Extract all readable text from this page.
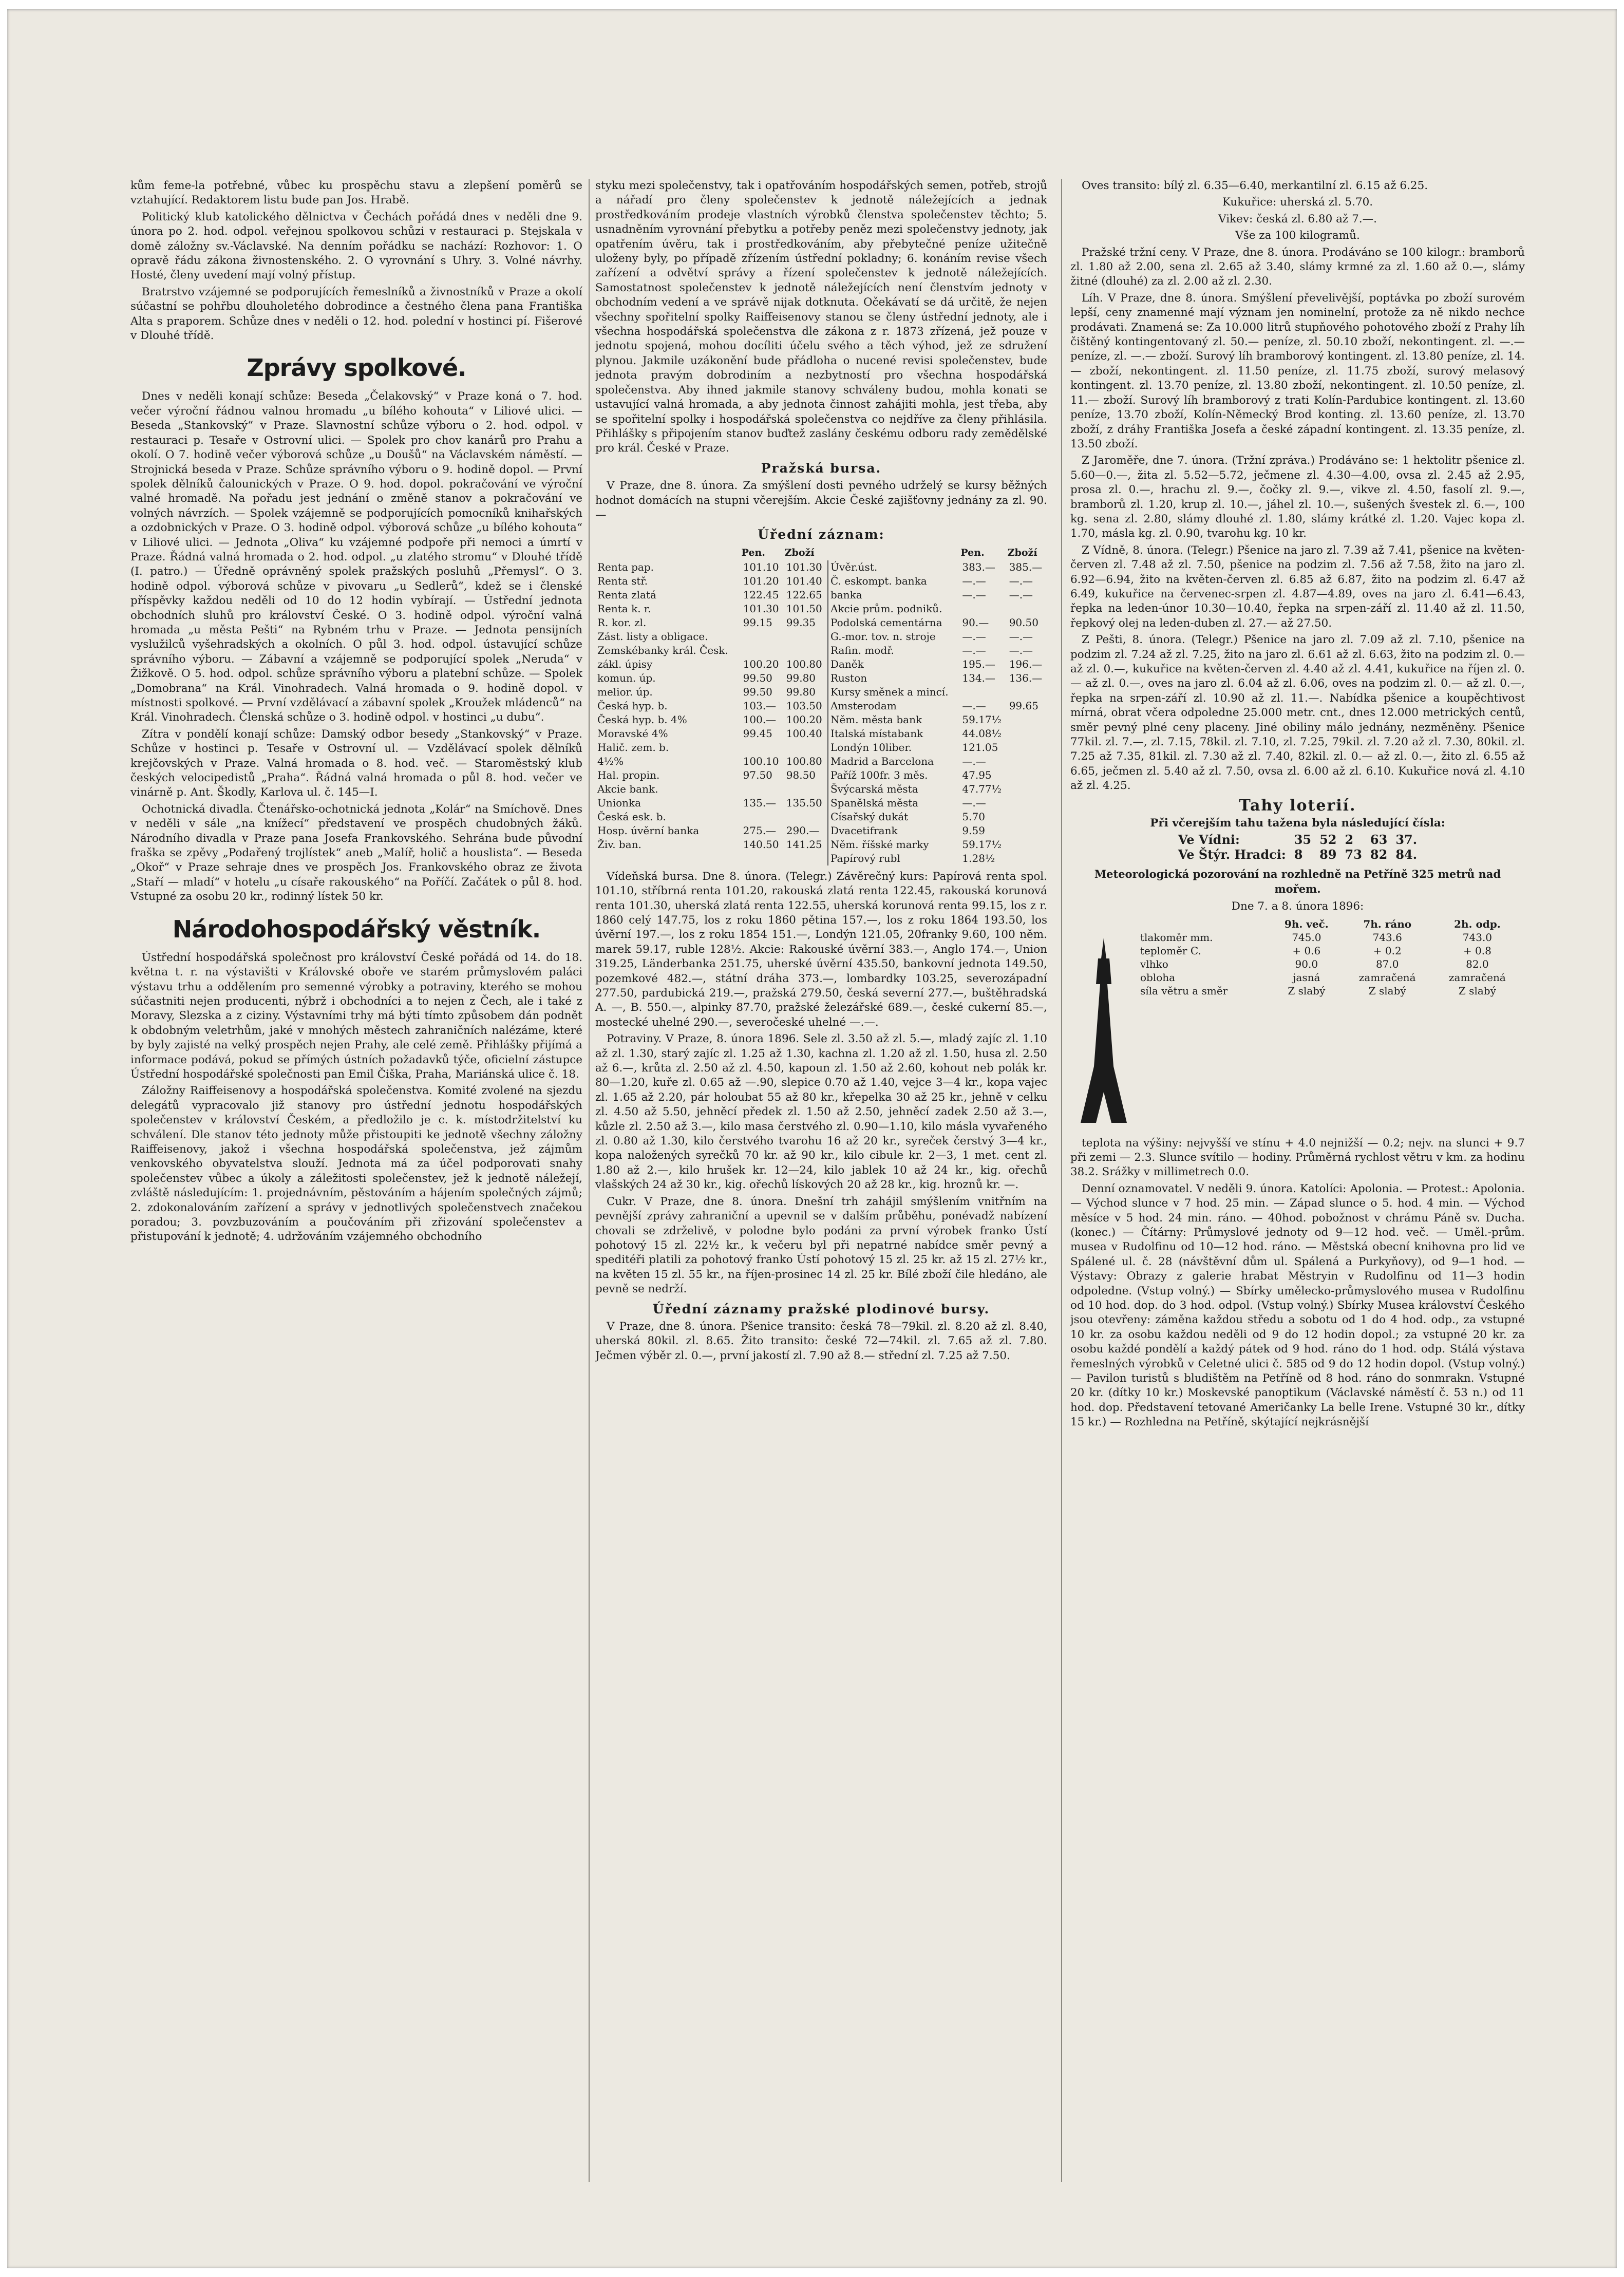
kům feme-la potřebné, vůbec ku prospěchu stavu a zlepšení poměrů se vztahující. Redaktorem listu bude pan Jos. Hrabě.

Politický klub katolického dělnictva v Čechách pořádá dnes v neděli dne 9. února po 2. hod. odpol. veřejnou spolkovou schůzi v restauraci p. Stejskala v domě záložny sv.-Václavské. Na denním pořádku se nachází: Rozhovor: 1. O opravě řádu zákona živnostenského. 2. O vyrovnání s Uhry. 3. Volné návrhy. Hosté, členy uvedení mají volný přístup.

Bratrstvo vzájemné se podporujících řemeslníků a živnostníků v Praze a okolí súčastní se pohřbu dlouholetého dobrodince a čestného člena pana Františka Alta s praporem. Schůze dnes v neděli o 12. hod. polední v hostinci pí. Fišerové v Dlouhé třídě.

Zprávy spolkové.

Dnes v neděli konají schůze: Beseda „Čelakovský“ v Praze koná o 7. hod. večer výroční řádnou valnou hromadu „u bílého kohouta“ v Liliové ulici. — Beseda „Stankovský“ v Praze. Slavnostní schůze výboru o 2. hod. odpol. v restauraci p. Tesaře v Ostrovní ulici. — Spolek pro chov kanárů pro Prahu a okolí. O 7. hodině večer výborová schůze „u Doušů“ na Václavském náměstí. — Strojnická beseda v Praze. Schůze správního výboru o 9. hodině dopol. — První spolek dělníků čalounických v Praze. O 9. hod. dopol. pokračování ve výroční valné hromadě. Na pořadu jest jednání o změně stanov a pokračování ve volných návrzích. — Spolek vzájemně se podporujících pomocníků knihařských a ozdobnických v Praze. O 3. hodině odpol. výborová schůze „u bílého kohouta“ v Liliové ulici. — Jednota „Oliva“ ku vzájemné podpoře při nemoci a úmrtí v Praze. Řádná valná hromada o 2. hod. odpol. „u zlatého stromu“ v Dlouhé třídě (I. patro.) — Úředně oprávněný spolek pražských posluhů „Přemysl“. O 3. hodině odpol. výborová schůze v pivovaru „u Sedlerů“, kdež se i členské příspěvky každou neděli od 10 do 12 hodin vybírají. — Ústřední jednota obchodních sluhů pro království České. O 3. hodině odpol. výroční valná hromada „u města Pešti“ na Rybném trhu v Praze. — Jednota pensijních vyslužilců vyšehradských a okolních. O půl 3. hod. odpol. ústavující schůze správního výboru. — Zábavní a vzájemně se podporující spolek „Neruda“ v Žižkově. O 5. hod. odpol. schůze správního výboru a platební schůze. — Spolek „Domobrana“ na Král. Vinohradech. Valná hromada o 9. hodině dopol. v místnosti spolkové. — První vzdělávací a zábavní spolek „Kroužek mládenců“ na Král. Vinohradech. Členská schůze o 3. hodině odpol. v hostinci „u dubu“.

Zítra v pondělí konají schůze: Damský odbor besedy „Stankovský“ v Praze. Schůze v hostinci p. Tesaře v Ostrovní ul. — Vzdělávací spolek dělníků krejčovských v Praze. Valná hromada o 8. hod. več. — Staroměstský klub českých velocipedistů „Praha“. Řádná valná hromada o půl 8. hod. večer ve vinárně p. Ant. Škodly, Karlova ul. č. 145—I.

Ochotnická divadla. Čtenářsko-ochotnická jednota „Kolár“ na Smíchově. Dnes v neděli v sále „na knížecí“ představení ve prospěch chudobných žáků. Národního divadla v Praze pana Josefa Frankovského. Sehrána bude původní fraška se zpěvy „Podařený trojlístek“ aneb „Malíř, holič a houslista“. — Beseda „Okoř“ v Praze sehraje dnes ve prospěch Jos. Frankovského obraz ze života „Staří — mladí“ v hotelu „u císaře rakouského“ na Poříčí. Začátek o půl 8. hod. Vstupné za osobu 20 kr., rodinný lístek 50 kr.

Národohospodářský věstník.

Ústřední hospodářská společnost pro království České pořádá od 14. do 18. května t. r. na výstavišti v Královské oboře ve starém průmyslovém paláci výstavu trhu a oddělením pro semenné výrobky a potraviny, kterého se mohou súčastniti nejen producenti, nýbrž i obchodníci a to nejen z Čech, ale i také z Moravy, Slezska a z ciziny. Výstavními trhy má býti tímto způsobem dán podnět k obdobným veletrhům, jaké v mnohých městech zahraničních nalézáme, které by byly zajisté na velký prospěch nejen Prahy, ale celé země. Přihlášky přijímá a informace podává, pokud se přímých ústních požadavků týče, oficielní zástupce Ústřední hospodářské společnosti pan Emil Čiška, Praha, Mariánská ulice č. 18.

Záložny Raiffeisenovy a hospodářská společenstva. Komité zvolené na sjezdu delegátů vypracovalo již stanovy pro ústřední jednotu hospodářských společenstev v království Českém, a předložilo je c. k. místodržitelství ku schválení. Dle stanov této jednoty může přistoupiti ke jednotě všechny záložny Raiffeisenovy, jakož i všechna hospodářská společenstva, jež zájmům venkovského obyvatelstva slouží. Jednota má za účel podporovati snahy společenstev vůbec a úkoly a záležitosti společenstev, jež k jednotě náležejí, zvláště následujícím: 1. projednávním, pěstováním a hájením společných zájmů; 2. zdokonalováním zařízení a správy v jednotlivých společenstvech značekou poradou; 3. povzbuzováním a poučováním při zřizování společenstev a přistupování k jednotě; 4. udržováním vzájemného obchodního

styku mezi společenstvy, tak i opatřováním hospodářských semen, potřeb, strojů a nářadí pro členy společenstev k jednotě náležejících a jednak prostředkováním prodeje vlastních výrobků členstva společenstev těchto; 5. usnadněním vyrovnání přebytku a potřeby peněz mezi společenstvy jednoty, jak opatřením úvěru, tak i prostředkováním, aby přebytečné peníze užitečně uloženy byly, po případě zřízením ústřední pokladny; 6. konáním revise všech zařízení a odvětví správy a řízení společenstev k jednotě náležejících. Samostatnost společenstev k jednotě náležejících není členstvím jednoty v obchodním vedení a ve správě nijak dotknuta. Očekávatí se dá určitě, že nejen všechny spořitelní spolky Raiffeisenovy stanou se členy ústřední jednoty, ale i všechna hospodářská společenstva dle zákona z r. 1873 zřízená, jež pouze v jednotu spojená, mohou docíliti účelu svého a těch výhod, jež ze sdružení plynou. Jakmile uzákonění bude přádloha o nucené revisi společenstev, bude jednota pravým dobrodiním a nezbytností pro všechna hospodářská společenstva. Aby ihned jakmile stanovy schváleny budou, mohla konati se ustavující valná hromada, a aby jednota činnost zahájiti mohla, jest třeba, aby se spořitelní spolky i hospodářská společenstva co nejdříve za členy přihlásila. Přihlášky s připojením stanov buďtež zaslány českému odboru rady zemědělské pro král. České v Praze.

Pražská bursa.

V Praze, dne 8. února. Za smýšlení dosti pevného udrželý se kursy běžných hodnot domácích na stupni včerejším. Akcie České zajišťovny jednány za zl. 90.—

Úřední záznam:
	Pen.	Zboží		Pen.	Zboží
Renta pap.	101.10	101.30	Úvěr.úst.	383.—	385.—
Renta stř.	101.20	101.40	Č. eskompt. banka	—.—	—.—
Renta zlatá	122.45	122.65	banka	—.—	—.—
Renta k. r.	101.30	101.50	Akcie prům. podniků.		
R. kor. zl.	99.15	99.35	Podolská cementárna	90.—	90.50
Zást. listy a obligace.			G.-mor. tov. n. stroje	—.—	—.—
Zemskébanky král. Česk.			Rafin. modř.	—.—	—.—
zákl. úpisy	100.20	100.80	Daněk	195.—	196.—
komun. úp.	99.50	99.80	Ruston	134.—	136.—
melior. úp.	99.50	99.80	Kursy směnek a mincí.		
Česká hyp. b.	103.—	103.50	Amsterodam	—.—	99.65
Česká hyp. b. 4%	100.—	100.20	Něm. města bank	59.17½	
Moravské 4%	99.45	100.40	Italská místabank	44.08½	
Halič. zem. b.			Londýn 10liber.	121.05	
4½%	100.10	100.80	Madrid a Barcelona	—.—	
Hal. propin.	97.50	98.50	Paříž 100fr. 3 měs.	47.95	
Akcie bank.			Švýcarská města	47.77½	
Unionka	135.—	135.50	Spanělská města	—.—	
Česká esk. b.			Císařský dukát	5.70	
Hosp. úvěrní banka	275.—	290.—	Dvacetifrank	9.59	
Živ. ban.	140.50	141.25	Něm. říšské marky	59.17½	
			Papírový rubl	1.28½	

Vídeňská bursa. Dne 8. února. (Telegr.) Závěrečný kurs: Papírová renta spol. 101.10, stříbrná renta 101.20, rakouská zlatá renta 122.45, rakouská korunová renta 101.30, uherská zlatá renta 122.55, uherská korunová renta 99.15, los z r. 1860 celý 147.75, los z roku 1860 pětina 157.—, los z roku 1864 193.50, los úvěrní 197.—, los z roku 1854 151.—, Londýn 121.05, 20franky 9.60, 100 něm. marek 59.17, ruble 128½. Akcie: Rakouské úvěrní 383.—, Anglo 174.—, Union 319.25, Länderbanka 251.75, uherské úvěrní 435.50, bankovní jednota 149.50, pozemkové 482.—, státní dráha 373.—, lombardky 103.25, severozápadní 277.50, pardubická 219.—, pražská 279.50, česká severní 277.—, buštěhradská A. —, B. 550.—, alpinky 87.70, pražské železářské 689.—, české cukerní 85.—, mostecké uhelné 290.—, severočeské uhelné —.—.

Potraviny. V Praze, 8. února 1896. Sele zl. 3.50 až zl. 5.—, mladý zajíc zl. 1.10 až zl. 1.30, starý zajíc zl. 1.25 až 1.30, kachna zl. 1.20 až zl. 1.50, husa zl. 2.50 až 6.—, krůta zl. 2.50 až zl. 4.50, kapoun zl. 1.50 až 2.60, kohout neb polák kr. 80—1.20, kuře zl. 0.65 až —.90, slepice 0.70 až 1.40, vejce 3—4 kr., kopa vajec zl. 1.65 až 2.20, pár holoubat 55 až 80 kr., křepelka 30 až 25 kr., jehně v celku zl. 4.50 až 5.50, jehněcí předek zl. 1.50 až 2.50, jehněcí zadek 2.50 až 3.—, kůzle zl. 2.50 až 3.—, kilo masa čerstvého zl. 0.90—1.10, kilo másla vyvařeného zl. 0.80 až 1.30, kilo čerstvého tvarohu 16 až 20 kr., syreček čerstvý 3—4 kr., kopa naložených syrečků 70 kr. až 90 kr., kilo cibule kr. 2—3, 1 met. cent zl. 1.80 až 2.—, kilo hrušek kr. 12—24, kilo jablek 10 až 24 kr., kig. ořechů vlašských 24 až 30 kr., kig. ořechů lískových 20 až 28 kr., kig. hroznů kr. —.

Cukr. V Praze, dne 8. února. Dnešní trh zahájil smýšlením vnitřním na pevnější zprávy zahraniční a upevnil se v dalším průběhu, ponévadž nabízení chovali se zdrželivě, v polodne bylo podáni za první výrobek franko Ústí pohotový 15 zl. 22½ kr., k večeru byl při nepatrné nabídce směr pevný a speditéři platili za pohotový franko Ústí pohotový 15 zl. 25 kr. až 15 zl. 27½ kr., na květen 15 zl. 55 kr., na říjen-prosinec 14 zl. 25 kr. Bílé zboží čile hledáno, ale pevně se nedrží.

Úřední záznamy pražské plodinové bursy.

V Praze, dne 8. února. Pšenice transito: česká 78—79kil. zl. 8.20 až zl. 8.40, uherská 80kil. zl. 8.65. Žito transito: české 72—74kil. zl. 7.65 až zl. 7.80. Ječmen výběr zl. 0.—, první jakostí zl. 7.90 až 8.— střední zl. 7.25 až 7.50.

Oves transito: bílý zl. 6.35—6.40, merkantilní zl. 6.15 až 6.25.

Kukuřice: uherská zl. 5.70.

Vikev: česká zl. 6.80 až 7.—.

Vše za 100 kilogramů.

Pražské tržní ceny. V Praze, dne 8. února. Prodáváno se 100 kilogr.: bramborů zl. 1.80 až 2.00, sena zl. 2.65 až 3.40, slámy krmné za zl. 1.60 až 0.—, slámy žitné (dlouhé) za zl. 2.00 až zl. 2.30.

Líh. V Praze, dne 8. února. Smýšlení převelivější, poptávka po zboží surovém lepší, ceny znamenné mají význam jen nominelní, protože za ně nikdo nechce prodávati. Znamená se: Za 10.000 litrů stupňového pohotového zboží z Prahy líh čištěný kontingentovaný zl. 50.— peníze, zl. 50.10 zboží, nekontingent. zl. —.— peníze, zl. —.— zboží. Surový líh bramborový kontingent. zl. 13.80 peníze, zl. 14.— zboží, nekontingent. zl. 11.50 peníze, zl. 11.75 zboží, surový melasový kontingent. zl. 13.70 peníze, zl. 13.80 zboží, nekontingent. zl. 10.50 peníze, zl. 11.— zboží. Surový líh bramborový z trati Kolín-Pardubice kontingent. zl. 13.60 peníze, 13.70 zboží, Kolín-Německý Brod konting. zl. 13.60 peníze, zl. 13.70 zboží, z dráhy Františka Josefa a české západní kontingent. zl. 13.35 peníze, zl. 13.50 zboží.

Z Jaroměře, dne 7. února. (Tržní zpráva.) Prodáváno se: 1 hektolitr pšenice zl. 5.60—0.—, žita zl. 5.52—5.72, ječmene zl. 4.30—4.00, ovsa zl. 2.45 až 2.95, prosa zl. 0.—, hrachu zl. 9.—, čočky zl. 9.—, vikve zl. 4.50, fasolí zl. 9.—, bramborů zl. 1.20, krup zl. 10.—, jáhel zl. 10.—, sušených švestek zl. 6.—, 100 kg. sena zl. 2.80, slámy dlouhé zl. 1.80, slámy krátké zl. 1.20. Vajec kopa zl. 1.70, másla kg. zl. 0.90, tvarohu kg. 10 kr.

Z Vídně, 8. února. (Telegr.) Pšenice na jaro zl. 7.39 až 7.41, pšenice na květen-červen zl. 7.48 až zl. 7.50, pšenice na podzim zl. 7.56 až 7.58, žito na jaro zl. 6.92—6.94, žito na květen-červen zl. 6.85 až 6.87, žito na podzim zl. 6.47 až 6.49, kukuřice na červenec-srpen zl. 4.87—4.89, oves na jaro zl. 6.41—6.43, řepka na leden-únor 10.30—10.40, řepka na srpen-září zl. 11.40 až zl. 11.50, řepkový olej na leden-duben zl. 27.— až 27.50.

Z Pešti, 8. února. (Telegr.) Pšenice na jaro zl. 7.09 až zl. 7.10, pšenice na podzim zl. 7.24 až zl. 7.25, žito na jaro zl. 6.61 až zl. 6.63, žito na podzim zl. 0.— až zl. 0.—, kukuřice na květen-červen zl. 4.40 až zl. 4.41, kukuřice na říjen zl. 0.— až zl. 0.—, oves na jaro zl. 6.04 až zl. 6.06, oves na podzim zl. 0.— až zl. 0.—, řepka na srpen-září zl. 10.90 až zl. 11.—. Nabídka pšenice a koupěchtivost mírná, obrat včera odpoledne 25.000 metr. cnt., dnes 12.000 metrických centů, směr pevný plné ceny placeny. Jiné obiliny málo jednány, nezměněny. Pšenice 77kil. zl. 7.—, zl. 7.15, 78kil. zl. 7.10, zl. 7.25, 79kil. zl. 7.20 až zl. 7.30, 80kil. zl. 7.25 až 7.35, 81kil. zl. 7.30 až zl. 7.40, 82kil. zl. 0.— až zl. 0.—, žito zl. 6.55 až 6.65, ječmen zl. 5.40 až zl. 7.50, ovsa zl. 6.00 až zl. 6.10. Kukuřice nová zl. 4.10 až zl. 4.25.

Tahy loterií.

Při včerejším tahu tažena byla následující čísla:

Ve Vídni:	35	52	2	63	37.
Ve Štýr. Hradci:	8	89	73	82	84.
Meteorologická pozorování na rozhledně na Petříně 325 metrů nad mořem.

Dne 7. a 8. února 1896:

	9h. več.	7h. ráno	2h. odp.
tlakoměr mm.	745.0	743.6	743.0
teploměr C.	+ 0.6	+ 0.2	+ 0.8
vlhko	90.0	87.0	82.0
obloha	jasná	zamračená	zamračená
síla větru a směr	Z slabý	Z slabý	Z slabý

teplota na výšiny: nejvyšší ve stínu + 4.0 nejnižší — 0.2; nejv. na slunci + 9.7 při zemi — 2.3. Slunce svítilo — hodiny. Průměrná rychlost větru v km. za hodinu 38.2. Srážky v millimetrech 0.0.

Denní oznamovatel. V neděli 9. února. Katolíci: Apolonia. — Protest.: Apolonia. — Východ slunce v 7 hod. 25 min. — Západ slunce o 5. hod. 4 min. — Východ měsíce v 5 hod. 24 min. ráno. — 40hod. pobožnost v chrámu Páně sv. Ducha. (konec.) — Čítárny: Průmyslové jednoty od 9—12 hod. več. — Uměl.-prům. musea v Rudolfinu od 10—12 hod. ráno. — Městská obecní knihovna pro lid ve Spálené ul. č. 28 (návštěvní dům ul. Spálená a Purkyňovy), od 9—1 hod. — Výstavy: Obrazy z galerie hrabat Městryin v Rudolfinu od 11—3 hodin odpoledne. (Vstup volný.) — Sbírky umělecko-průmyslového musea v Rudolfinu od 10 hod. dop. do 3 hod. odpol. (Vstup volný.) Sbírky Musea království Českého jsou otevřeny: záměna každou středu a sobotu od 1 do 4 hod. odp., za vstupné 10 kr. za osobu každou neděli od 9 do 12 hodin dopol.; za vstupné 20 kr. za osobu každé pondělí a každý pátek od 9 hod. ráno do 1 hod. odp. Stálá výstava řemeslných výrobků v Celetné ulici č. 585 od 9 do 12 hodin dopol. (Vstup volný.) — Pavilon turistů s bludištěm na Petříně od 8 hod. ráno do sonmrakn. Vstupné 20 kr. (dítky 10 kr.) Moskevské panoptikum (Václavské náměstí č. 53 n.) od 11 hod. dop. Představení tetované Američanky La belle Irene. Vstupné 30 kr., dítky 15 kr.) — Rozhledna na Petříně, skýtající nejkrásnější
